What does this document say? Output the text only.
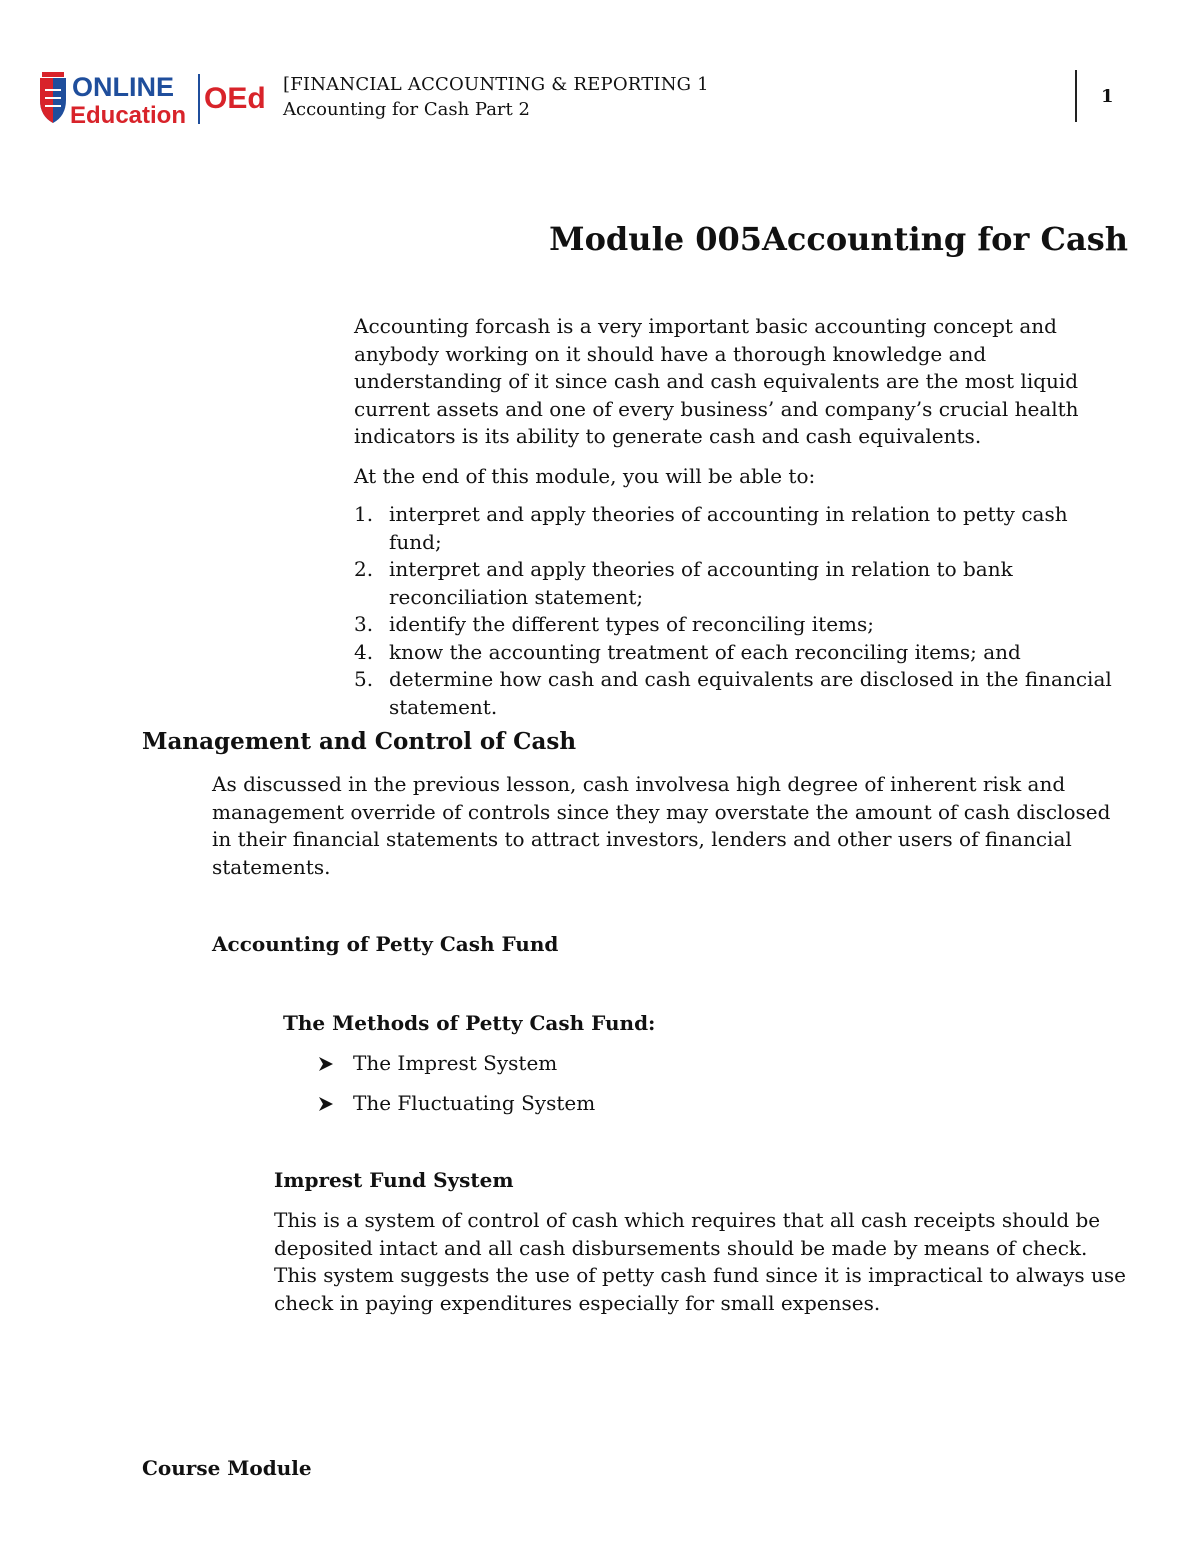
ONLINE
Education
OEd [FINANCIAL ACCOUNTING & REPORTING 1
Accounting for Cash Part 2
1
Module 005Accounting for Cash

Accounting forcash is a very important basic accounting concept and anybody working on it should have a thorough knowledge and understanding of it since cash and cash equivalents are the most liquid current assets and one of every business’ and company’s crucial health indicators is its ability to generate cash and cash equivalents.

At the end of this module, you will be able to:

1. interpret and apply theories of accounting in relation to petty cash fund;
2. interpret and apply theories of accounting in relation to bank reconciliation statement;
3. identify the different types of reconciling items;
4. know the accounting treatment of each reconciling items; and
5. determine how cash and cash equivalents are disclosed in the financial statement.
Management and Control of Cash
As discussed in the previous lesson, cash involvesa high degree of inherent risk and management override of controls since they may overstate the amount of cash disclosed in their financial statements to attract investors, lenders and other users of financial statements.
Accounting of Petty Cash Fund
The Methods of Petty Cash Fund:
The Imprest System
The Fluctuating System
Imprest Fund System
This is a system of control of cash which requires that all cash receipts should be deposited intact and all cash disbursements should be made by means of check. This system suggests the use of petty cash fund since it is impractical to always use check in paying expenditures especially for small expenses.
Course Module
